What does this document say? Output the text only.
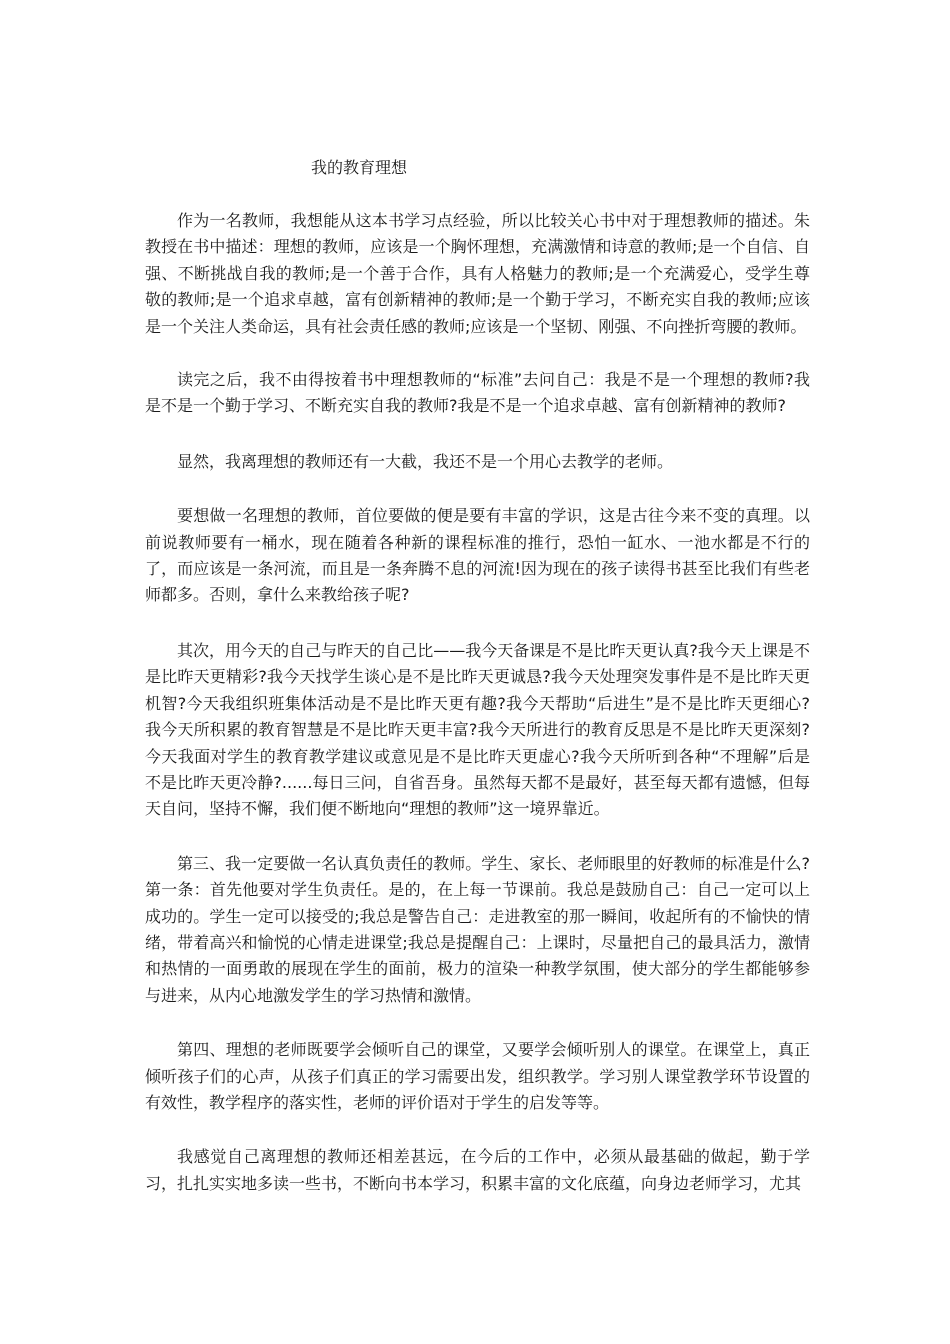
我的教育理想

作为一名教师，我想能从这本书学习点经验，所以比较关心书中对于理想教师的描述。朱教授在书中描述：理想的教师，应该是一个胸怀理想，充满激情和诗意的教师;是一个自信、自强、不断挑战自我的教师;是一个善于合作，具有人格魅力的教师;是一个充满爱心，受学生尊敬的教师;是一个追求卓越，富有创新精神的教师;是一个勤于学习，不断充实自我的教师;应该是一个关注人类命运，具有社会责任感的教师;应该是一个坚韧、刚强、不向挫折弯腰的教师。

读完之后，我不由得按着书中理想教师的“标准”去问自己：我是不是一个理想的教师?我是不是一个勤于学习、不断充实自我的教师?我是不是一个追求卓越、富有创新精神的教师?

显然，我离理想的教师还有一大截，我还不是一个用心去教学的老师。

要想做一名理想的教师，首位要做的便是要有丰富的学识，这是古往今来不变的真理。以前说教师要有一桶水，现在随着各种新的课程标准的推行，恐怕一缸水、一池水都是不行的了，而应该是一条河流，而且是一条奔腾不息的河流!因为现在的孩子读得书甚至比我们有些老师都多。否则，拿什么来教给孩子呢?

其次，用今天的自己与昨天的自己比——我今天备课是不是比昨天更认真?我今天上课是不是比昨天更精彩?我今天找学生谈心是不是比昨天更诚恳?我今天处理突发事件是不是比昨天更机智?今天我组织班集体活动是不是比昨天更有趣?我今天帮助“后进生”是不是比昨天更细心?我今天所积累的教育智慧是不是比昨天更丰富?我今天所进行的教育反思是不是比昨天更深刻?今天我面对学生的教育教学建议或意见是不是比昨天更虚心?我今天所听到各种“不理解”后是不是比昨天更冷静?......每日三问，自省吾身。虽然每天都不是最好，甚至每天都有遗憾，但每天自问，坚持不懈，我们便不断地向“理想的教师”这一境界靠近。

第三、我一定要做一名认真负责任的教师。学生、家长、老师眼里的好教师的标准是什么?第一条：首先他要对学生负责任。是的，在上每一节课前。我总是鼓励自己：自己一定可以上成功的。学生一定可以接受的;我总是警告自己：走进教室的那一瞬间，收起所有的不愉快的情绪，带着高兴和愉悦的心情走进课堂;我总是提醒自己：上课时，尽量把自己的最具活力，激情和热情的一面勇敢的展现在学生的面前，极力的渲染一种教学氛围，使大部分的学生都能够参与进来，从内心地激发学生的学习热情和激情。

第四、理想的老师既要学会倾听自己的课堂，又要学会倾听别人的课堂。在课堂上，真正倾听孩子们的心声，从孩子们真正的学习需要出发，组织教学。学习别人课堂教学环节设置的有效性，教学程序的落实性，老师的评价语对于学生的启发等等。

我感觉自己离理想的教师还相差甚远，在今后的工作中，必须从最基础的做起，勤于学习，扎扎实实地多读一些书，不断向书本学习，积累丰富的文化底蕴，向身边老师学习，尤其
